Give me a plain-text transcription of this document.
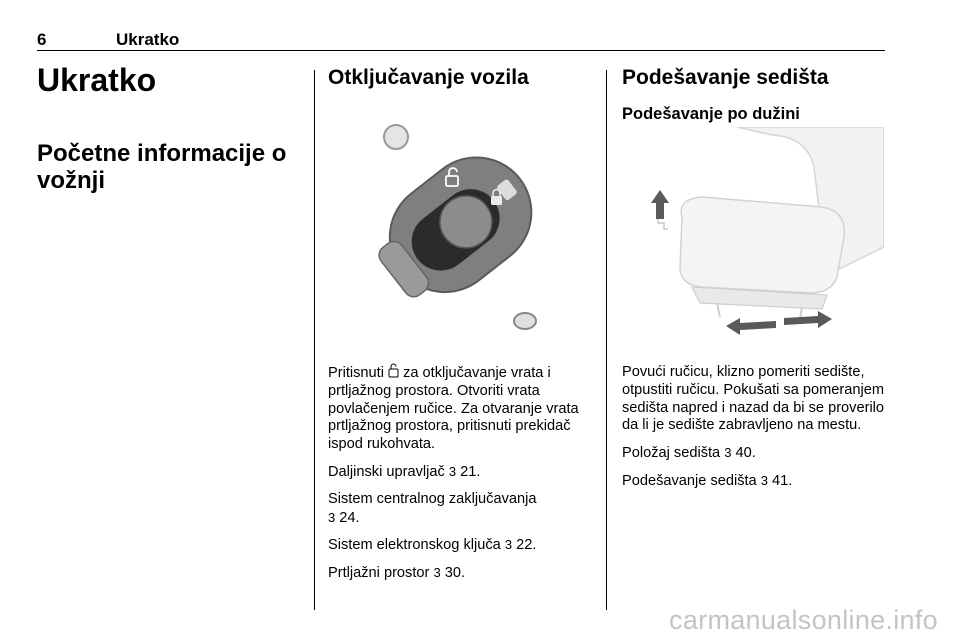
6	Ukratko
Ukratko
Početne informacije o vožnji
Otključavanje vozila

Pritisnuti  za otključavanje vrata i prtljažnog prostora. Otvoriti vrata povlačenjem ručice. Za otvaranje vrata prtljažnog prostora, pritisnuti prekidač ispod rukohvata.

Daljinski upravljač 3 21.

Sistem centralnog zaključavanja
3 24.

Sistem elektronskog ključa 3 22.

Prtljažni prostor 3 30.

Podešavanje sedišta
Podešavanje po dužini

Povući ručicu, klizno pomeriti sedište, otpustiti ručicu. Pokušati sa pomeranjem sedišta napred i nazad da bi se proverilo da li je sedište zabravljeno na mestu.

Položaj sedišta 3 40.

Podešavanje sedišta 3 41.

carmanualsonline.info
